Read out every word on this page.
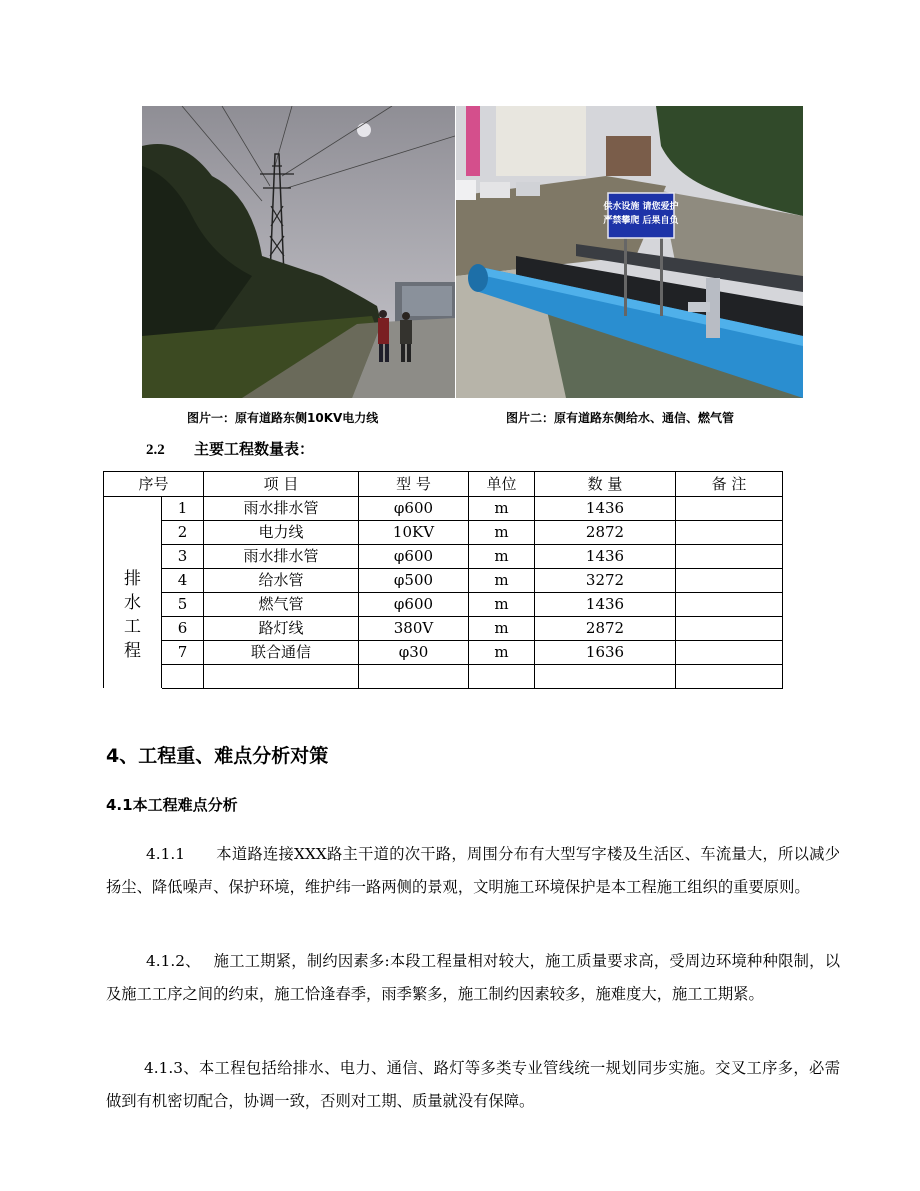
供水设施 请您爱护
严禁攀爬 后果自负
图片一：原有道路东侧10KV电力线	图片二：原有道路东侧给水、通信、燃气管
2.2 主要工程数量表：
序号		项 目	型 号	单位	数 量	备 注

排
水
工
程	1	雨水排水管	φ600	m	1436	
	2	电力线	10KV	m	2872	
	3	雨水排水管	φ600	m	1436	
	4	给水管	φ500	m	3272	
	5	燃气管	φ600	m	1436	
	6	路灯线	380V	m	2872	
	7	联合通信	φ30	m	1636	

4、工程重、难点分析对策
4.1本工程难点分析

4.1.1　　本道路连接XXX路主干道的次干路，周围分布有大型写字楼及生活区、车流量大，所以减少扬尘、降低噪声、保护环境，维护纬一路两侧的景观，文明施工环境保护是本工程施工组织的重要原则。

4.1.2、　 施工工期紧，制约因素多:本段工程量相对较大，施工质量要求高，受周边环境种种限制，以及施工工序之间的约束，施工恰逢春季，雨季繁多，施工制约因素较多，施难度大，施工工期紧。

4.1.3、本工程包括给排水、电力、通信、路灯等多类专业管线统一规划同步实施。交叉工序多，必需做到有机密切配合，协调一致，否则对工期、质量就没有保障。
